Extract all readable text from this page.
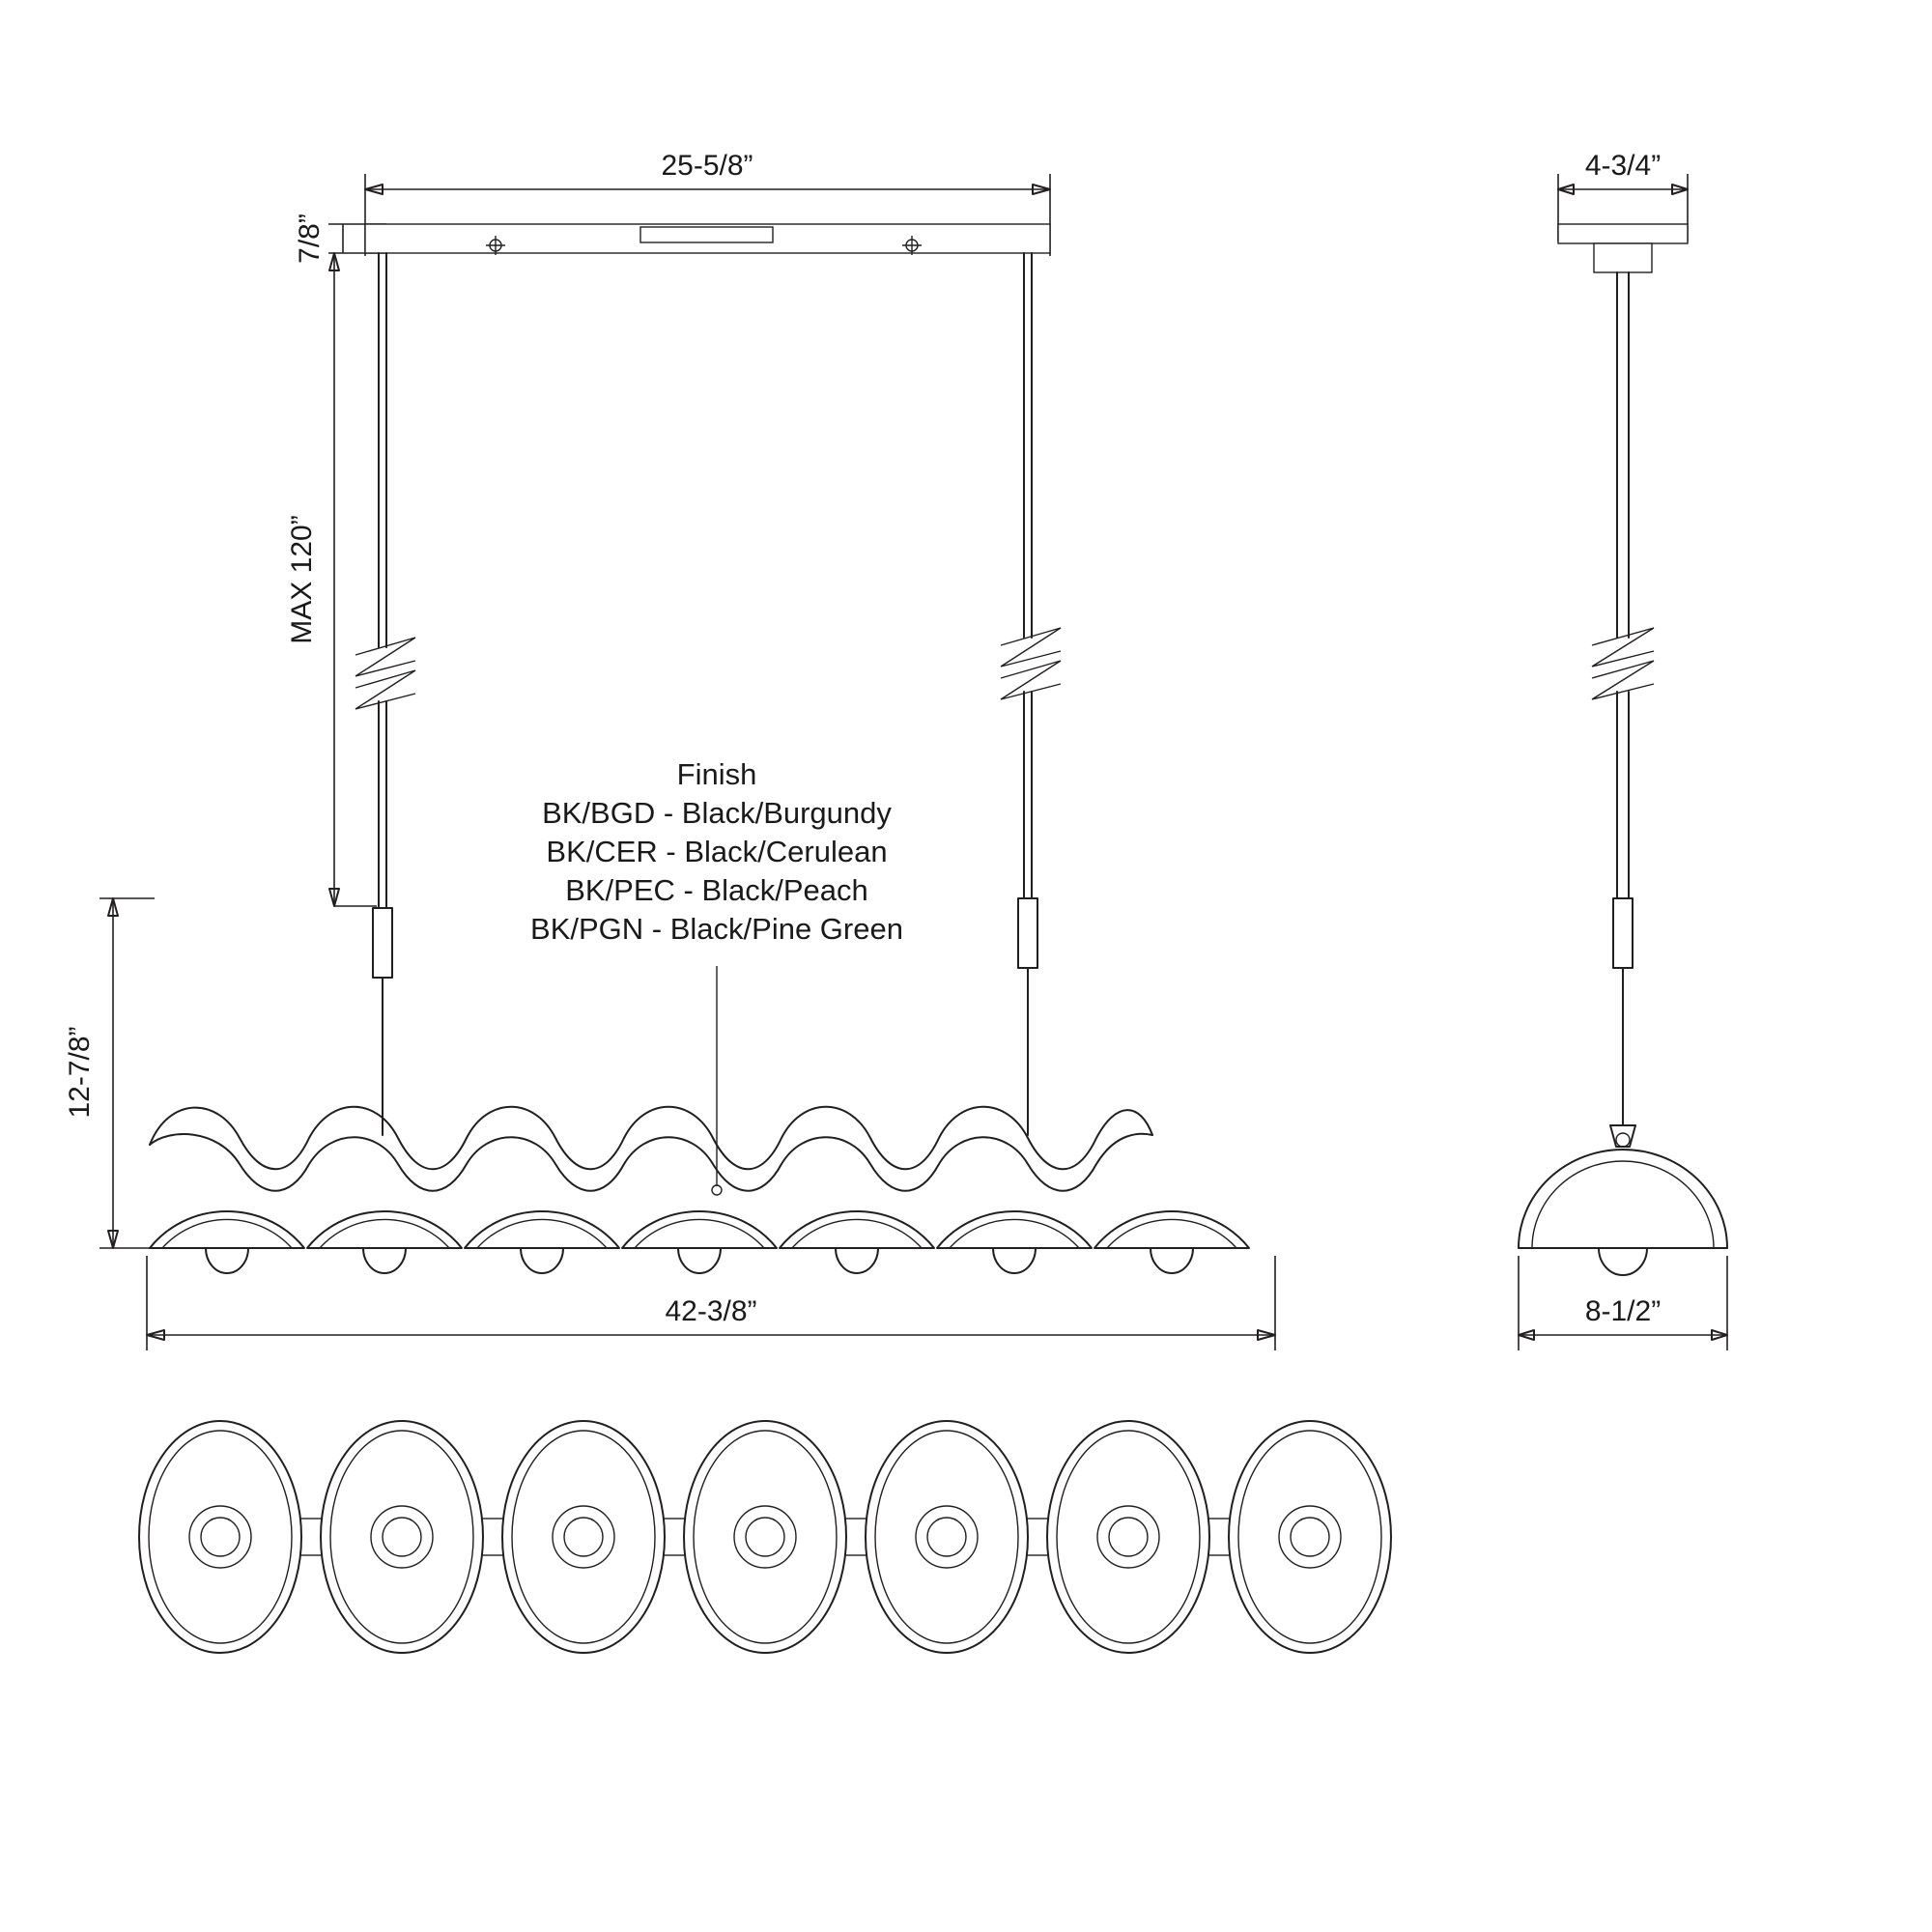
25-5/8”
7/8”
MAX 120”
Finish
BK/BGD - Black/Burgundy
BK/CER - Black/Cerulean
BK/PEC - Black/Peach
BK/PGN - Black/Pine Green
12-7/8”
42-3/8”
4-3/4”
8-1/2”
